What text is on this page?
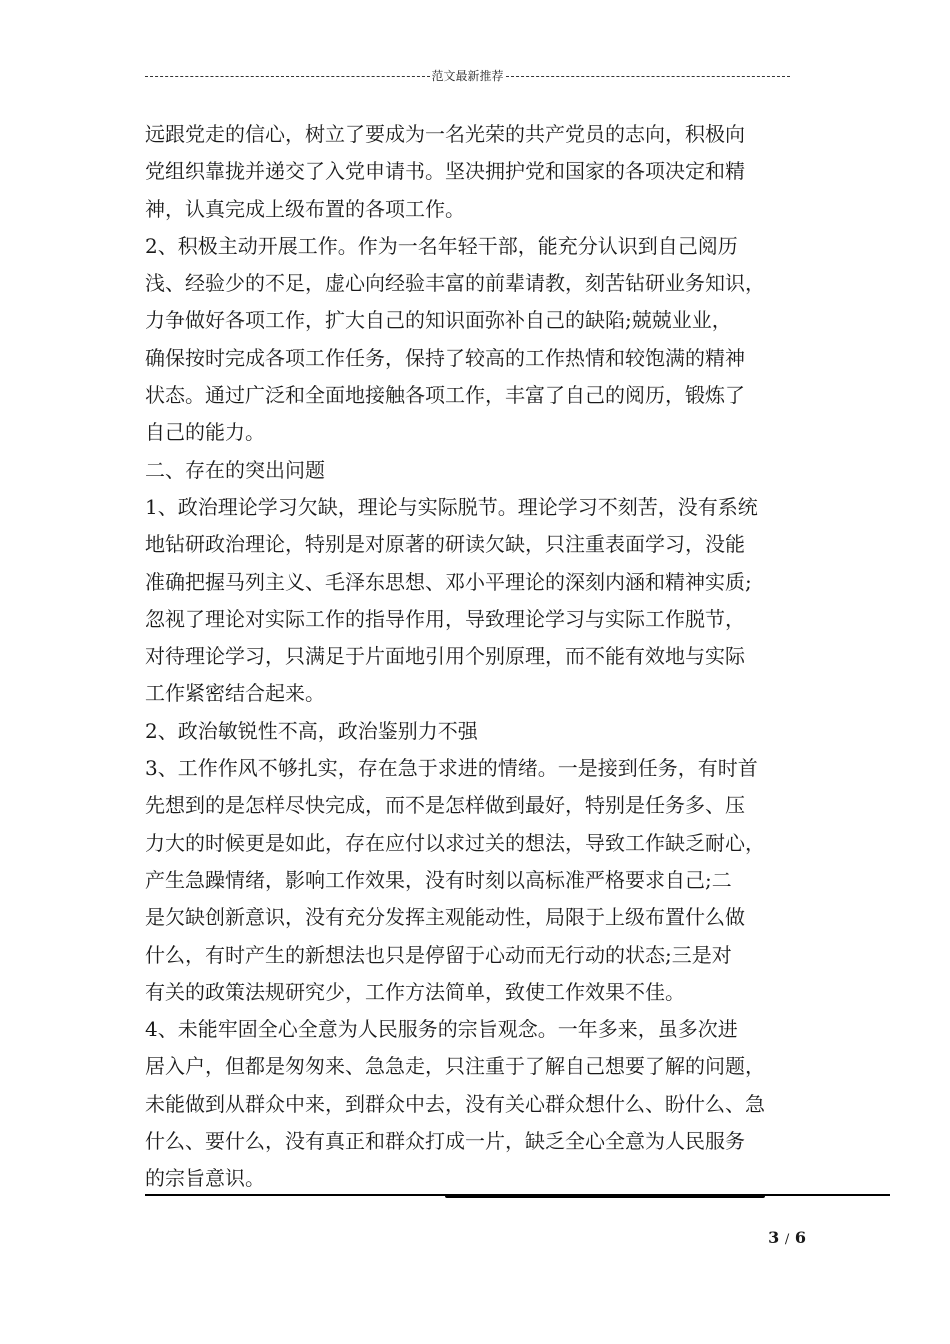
范文最新推荐
远跟党走的信心，树立了要成为一名光荣的共产党员的志向，积极向
党组织靠拢并递交了入党申请书。坚决拥护党和国家的各项决定和精
神，认真完成上级布置的各项工作。
2、积极主动开展工作。作为一名年轻干部，能充分认识到自己阅历
浅、经验少的不足，虚心向经验丰富的前辈请教，刻苦钻研业务知识，
力争做好各项工作，扩大自己的知识面弥补自己的缺陷;兢兢业业，
确保按时完成各项工作任务，保持了较高的工作热情和较饱满的精神
状态。通过广泛和全面地接触各项工作，丰富了自己的阅历，锻炼了
自己的能力。
二、存在的突出问题
1、政治理论学习欠缺，理论与实际脱节。理论学习不刻苦，没有系统
地钻研政治理论，特别是对原著的研读欠缺，只注重表面学习，没能
准确把握马列主义、毛泽东思想、邓小平理论的深刻内涵和精神实质;
忽视了理论对实际工作的指导作用，导致理论学习与实际工作脱节，
对待理论学习，只满足于片面地引用个别原理，而不能有效地与实际
工作紧密结合起来。
2、政治敏锐性不高，政治鉴别力不强
3、工作作风不够扎实，存在急于求进的情绪。一是接到任务，有时首
先想到的是怎样尽快完成，而不是怎样做到最好，特别是任务多、压
力大的时候更是如此，存在应付以求过关的想法，导致工作缺乏耐心，
产生急躁情绪，影响工作效果，没有时刻以高标准严格要求自己;二
是欠缺创新意识，没有充分发挥主观能动性，局限于上级布置什么做
什么，有时产生的新想法也只是停留于心动而无行动的状态;三是对
有关的政策法规研究少，工作方法简单，致使工作效果不佳。
4、未能牢固全心全意为人民服务的宗旨观念。一年多来，虽多次进
居入户，但都是匆匆来、急急走，只注重于了解自己想要了解的问题，
未能做到从群众中来，到群众中去，没有关心群众想什么、盼什么、急
什么、要什么，没有真正和群众打成一片，缺乏全心全意为人民服务
的宗旨意识。
3 / 6
